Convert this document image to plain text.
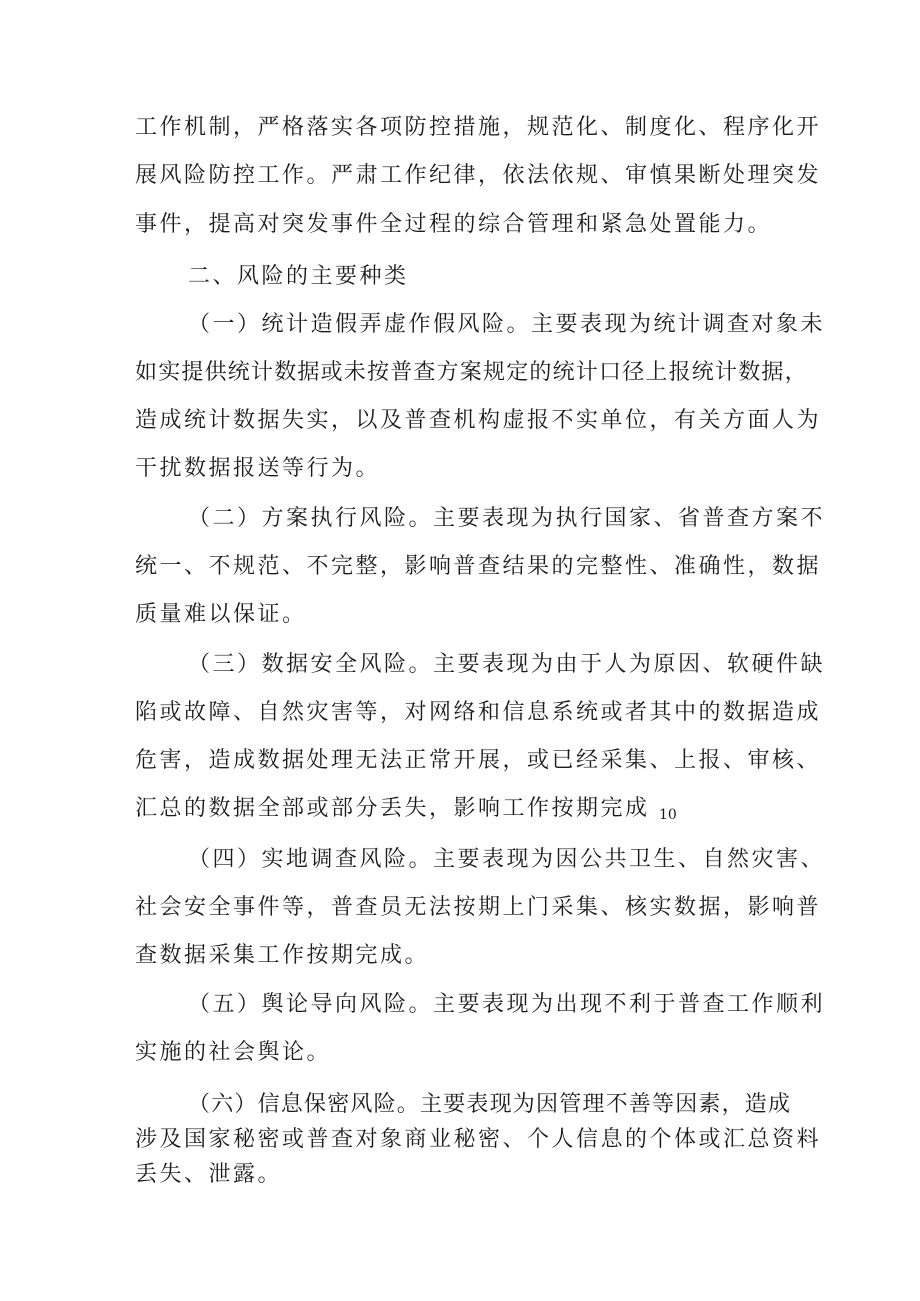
工作机制，严格落实各项防控措施，规范化、制度化、程序化开
展风险防控工作。严肃工作纪律，依法依规、审慎果断处理突发
事件，提高对突发事件全过程的综合管理和紧急处置能力。
二、风险的主要种类
（一）统计造假弄虚作假风险。主要表现为统计调查对象未
如实提供统计数据或未按普查方案规定的统计口径上报统计数据，
造成统计数据失实，以及普查机构虚报不实单位，有关方面人为
干扰数据报送等行为。
（二）方案执行风险。主要表现为执行国家、省普查方案不
统一、不规范、不完整，影响普查结果的完整性、准确性，数据
质量难以保证。
（三）数据安全风险。主要表现为由于人为原因、软硬件缺
陷或故障、自然灾害等，对网络和信息系统或者其中的数据造成
危害，造成数据处理无法正常开展，或已经采集、上报、审核、
汇总的数据全部或部分丢失，影响工作按期完成 $_{10}$
（四）实地调查风险。主要表现为因公共卫生、自然灾害、
社会安全事件等，普查员无法按期上门采集、核实数据，影响普
查数据采集工作按期完成。
（五）舆论导向风险。主要表现为出现不利于普查工作顺利
实施的社会舆论。
（六）信息保密风险。主要表现为因管理不善等因素，造成
涉及国家秘密或普查对象商业秘密、个人信息的个体或汇总资料
丢失、泄露。
